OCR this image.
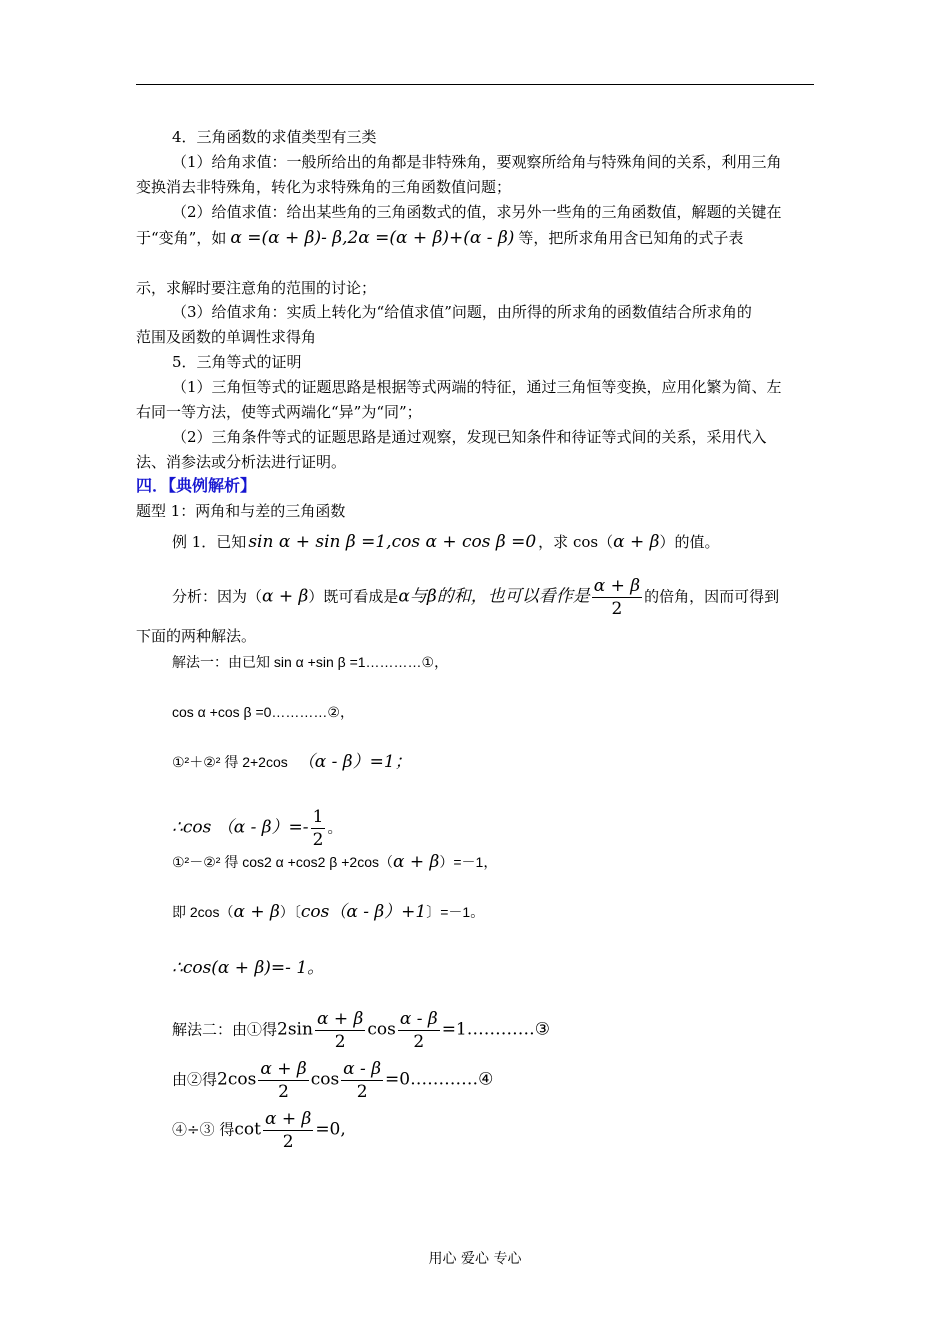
4．三角函数的求值类型有三类
（1）给角求值：一般所给出的角都是非特殊角，要观察所给角与特殊角间的关系，利用三角
变换消去非特殊角，转化为求特殊角的三角函数值问题；
（2）给值求值：给出某些角的三角函数式的值，求另外一些角的三角函数值，解题的关键在
于“变角”，如 α =(α + β)- β,2α =(α + β)+(α - β) 等，把所求角用含已知角的式子表
示，求解时要注意角的范围的讨论；
（3）给值求角：实质上转化为“给值求值”问题，由所得的所求角的函数值结合所求角的
范围及函数的单调性求得角
5．三角等式的证明
（1）三角恒等式的证题思路是根据等式两端的特征，通过三角恒等变换，应用化繁为简、左
右同一等方法，使等式两端化“异”为“同”；
（2）三角条件等式的证题思路是通过观察，发现已知条件和待证等式间的关系，采用代入
法、消参法或分析法进行证明。
四．【典例解析】
题型 1：两角和与差的三角函数
例 1．已知 sin α + sin β =1,cos α + cos β =0 ，求 cos（α + β）的值。
分析：因为（α + β）既可看成是α与β的和，也可以看作是 $\frac{\alpha + \beta}{2}$ 的倍角，因而可得到
下面的两种解法。
解法一：由已知 sin α +sin β =1…………①，
cos α +cos β =0…………②，
①²＋②² 得 2+2cos （α - β）=1；
∴cos $(\alpha - \beta)=- \frac{1}{2}$ 。
①²－②² 得 cos2 α +cos2 β +2cos（α + β）=－1，
即 2cos（α + β）〔cos（α - β）+1〕=－1。
∴cos(α + β)=- 1。
解法二：由①得$2\sin \frac{\alpha + \beta}{2}$ $\cos \frac{\alpha - \beta}{2}$ =1…………③
由②得$2\cos \frac{\alpha + \beta}{2}$ $\cos \frac{\alpha - \beta}{2}$ =0…………④
④÷③ 得$\cot \frac{\alpha + \beta}{2} =0$,
用心 爱心 专心
